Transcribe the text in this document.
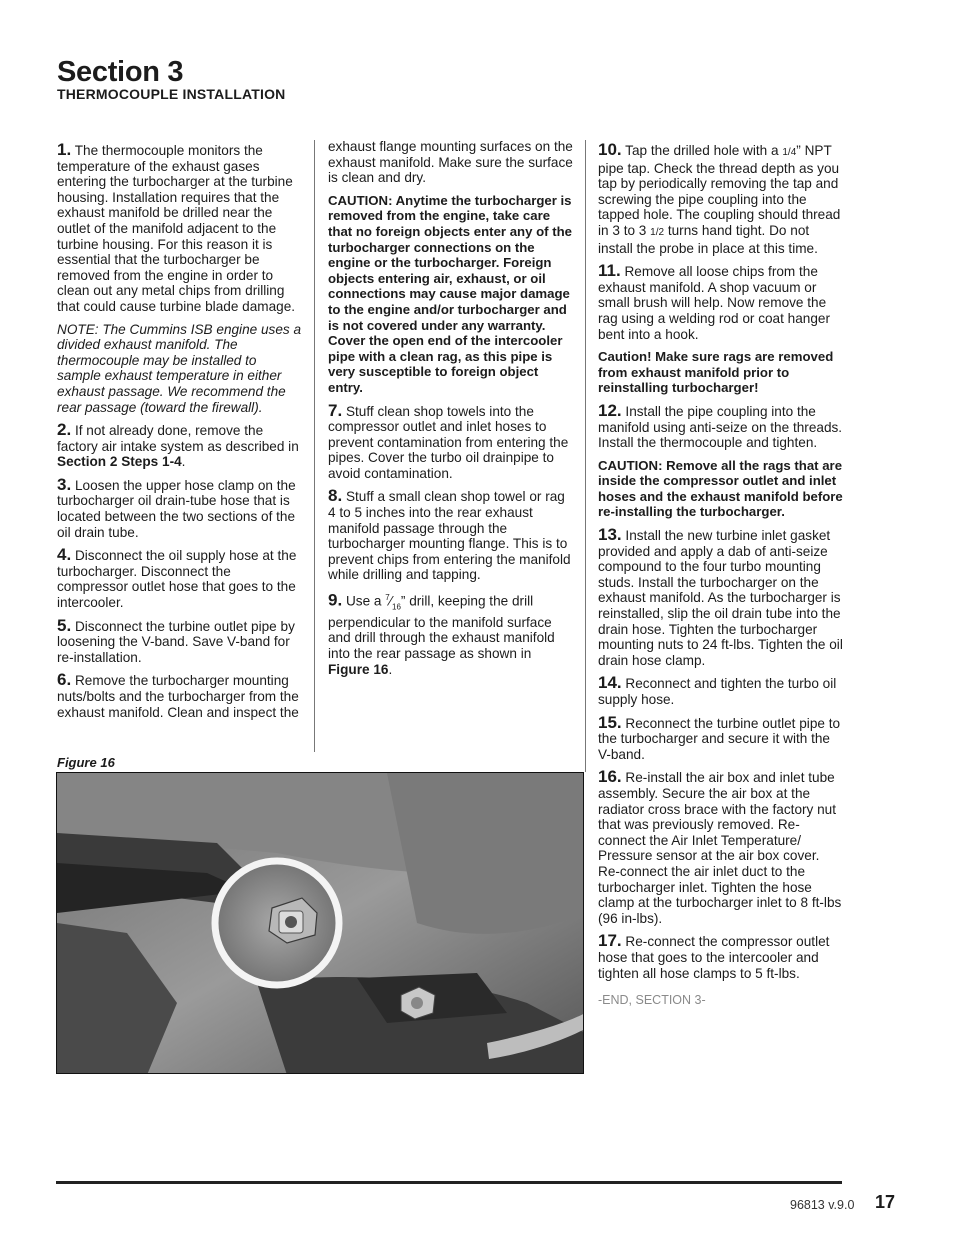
Section 3
THERMOCOUPLE INSTALLATION

1. The thermocouple monitors the temperature of the exhaust gases entering the turbocharger at the turbine housing. Installation requires that the exhaust manifold be drilled near the outlet of the manifold adjacent to the turbine housing. For this reason it is essential that the turbocharger be removed from the engine in order to clean out any metal chips from drilling that could cause turbine blade damage.

NOTE: The Cummins ISB engine uses a divided exhaust manifold. The thermocouple may be installed to sample exhaust temperature in either exhaust passage. We recommend the rear passage (toward the firewall).

2. If not already done, remove the factory air intake system as described in Section 2 Steps 1-4.

3. Loosen the upper hose clamp on the turbocharger oil drain-tube hose that is located between the two sections of the oil drain tube.

4. Disconnect the oil supply hose at the turbocharger. Disconnect the compressor outlet hose that goes to the intercooler.

5. Disconnect the turbine outlet pipe by loosening the V-band. Save V-band for re-installation.

6. Remove the turbocharger mounting nuts/bolts and the turbocharger from the exhaust manifold. Clean and inspect the

exhaust flange mounting surfaces on the exhaust manifold. Make sure the surface is clean and dry.

CAUTION: Anytime the turbocharger is removed from the engine, take care that no foreign objects enter any of the turbocharger connections on the engine or the turbocharger. Foreign objects entering air, exhaust, or oil connections may cause major damage to the engine and/or turbocharger and is not covered under any warranty. Cover the open end of the intercooler pipe with a clean rag, as this pipe is very susceptible to foreign object entry.

7. Stuff clean shop towels into the compressor outlet and inlet hoses to prevent contamination from entering the pipes. Cover the turbo oil drainpipe to avoid contamination.

8. Stuff a small clean shop towel or rag 4 to 5 inches into the rear exhaust manifold passage through the turbocharger mounting flange. This is to prevent chips from entering the manifold while drilling and tapping.

9. Use a $^7⁄_{16}$” drill, keeping the drill perpendicular to the manifold surface and drill through the exhaust manifold into the rear passage as shown in Figure 16.

10. Tap the drilled hole with a 1/4” NPT pipe tap. Check the thread depth as you tap by periodically removing the tap and screwing the pipe coupling into the tapped hole. The coupling should thread in 3 to 3 1/2 turns hand tight. Do not install the probe in place at this time.

11. Remove all loose chips from the exhaust manifold. A shop vacuum or small brush will help. Now remove the rag using a welding rod or coat hanger bent into a hook.

Caution! Make sure rags are removed from exhaust manifold prior to reinstalling turbocharger!

12. Install the pipe coupling into the manifold using anti-seize on the threads. Install the thermocouple and tighten.

CAUTION: Remove all the rags that are inside the compressor outlet and inlet hoses and the exhaust manifold before re-installing the turbocharger.

13. Install the new turbine inlet gasket provided and apply a dab of anti-seize compound to the four turbo mounting studs. Install the turbocharger on the exhaust manifold. As the turbocharger is reinstalled, slip the oil drain tube into the drain hose. Tighten the turbocharger mounting nuts to 24 ft-lbs. Tighten the oil drain hose clamp.

14. Reconnect and tighten the turbo oil supply hose.

15. Reconnect the turbine outlet pipe to the turbocharger and secure it with the V-band.

16. Re-install the air box and inlet tube assembly. Secure the air box at the radiator cross brace with the factory nut that was previously removed. Re-connect the Air Inlet Temperature/ Pressure sensor at the air box cover. Re-connect the air inlet duct to the turbocharger inlet. Tighten the hose clamp at the turbocharger inlet to 8 ft-lbs (96 in-lbs).

17. Re-connect the compressor outlet hose that goes to the intercooler and tighten all hose clamps to 5 ft-lbs.

-END, SECTION 3-
Figure 16
96813 v.9.0 17
